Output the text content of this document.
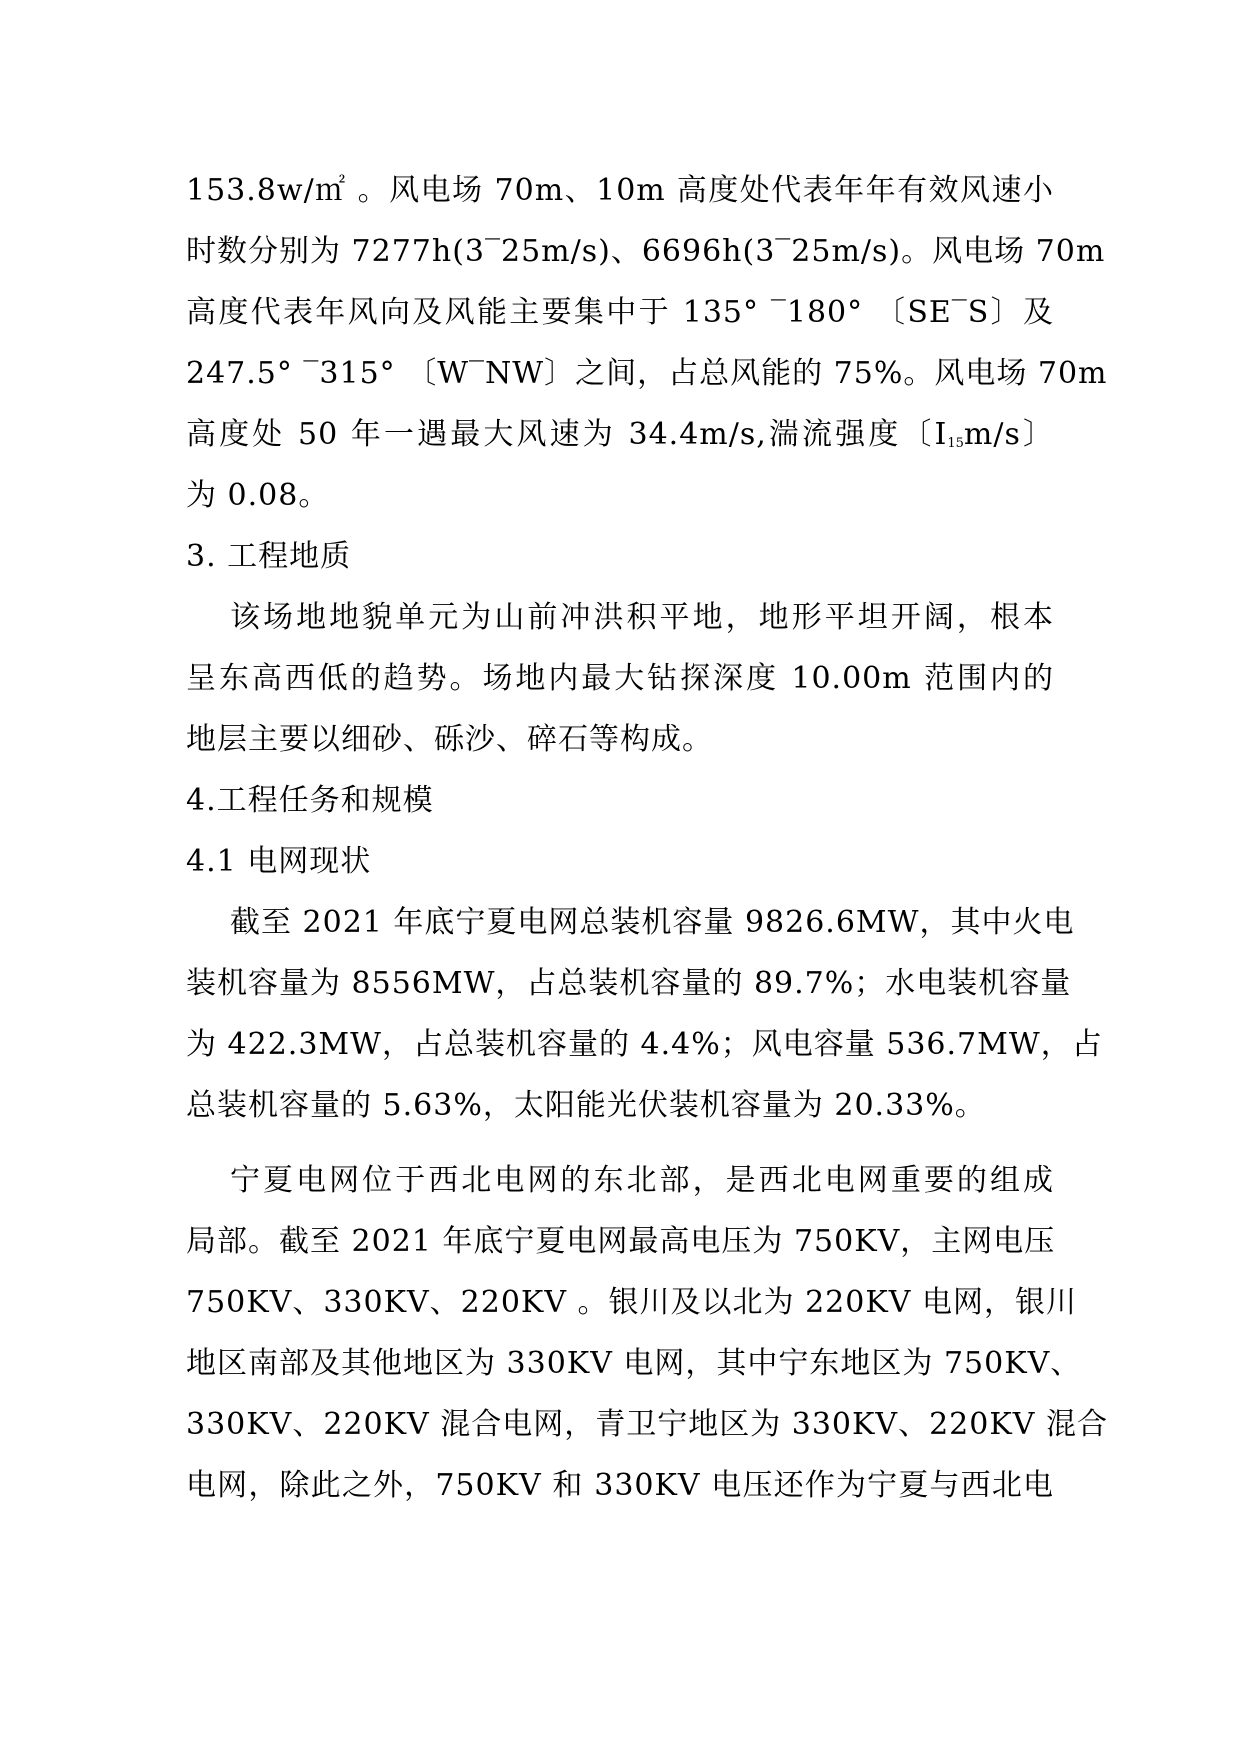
153.8w/㎡ 。风电场 70m、10m 高度处代表年年有效风速小
时数分别为 7277h(3‾25m/s)、6696h(3‾25m/s)。风电场 70m
高度代表年风向及风能主要集中于 135° ‾180° 〔SE‾S〕及
247.5° ‾315° 〔W‾NW〕之间，占总风能的 75%。风电场 70m
高度处 50 年一遇最大风速为 34.4m/s,湍流强度〔$I_{15}m/s$〕
为 0.08。
3. 工程地质
该场地地貌单元为山前冲洪积平地，地形平坦开阔，根本
呈东高西低的趋势。场地内最大钻探深度 10.00m 范围内的
地层主要以细砂、砾沙、碎石等构成。
4.工程任务和规模
4.1 电网现状
截至 2021 年底宁夏电网总装机容量 9826.6MW，其中火电
装机容量为 8556MW，占总装机容量的 89.7%；水电装机容量
为 422.3MW，占总装机容量的 4.4%；风电容量 536.7MW，占
总装机容量的 5.63%，太阳能光伏装机容量为 20.33%。
宁夏电网位于西北电网的东北部，是西北电网重要的组成
局部。截至 2021 年底宁夏电网最高电压为 750KV，主网电压
750KV、330KV、220KV 。银川及以北为 220KV 电网，银川
地区南部及其他地区为 330KV 电网，其中宁东地区为 750KV、
330KV、220KV 混合电网，青卫宁地区为 330KV、220KV 混合
电网，除此之外，750KV 和 330KV 电压还作为宁夏与西北电
